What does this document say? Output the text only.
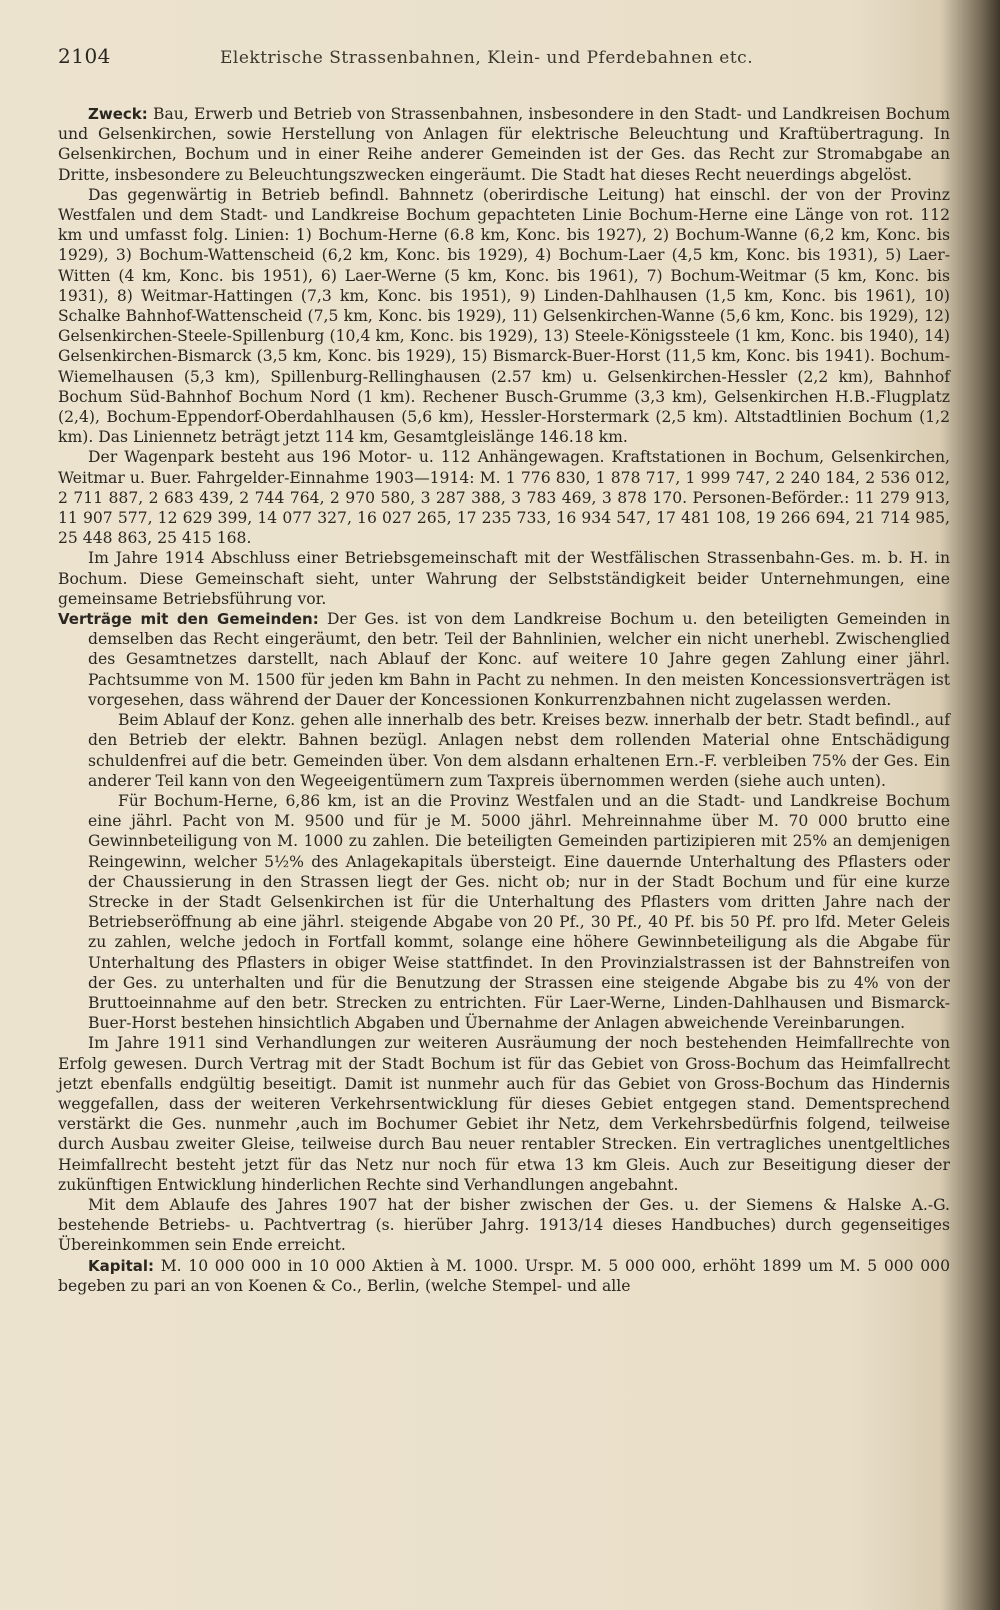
2104	Elektrische Strassenbahnen, Klein- und Pferdebahnen etc.

Zweck: Bau, Erwerb und Betrieb von Strassenbahnen, insbesondere in den Stadt- und Landkreisen Bochum und Gelsenkirchen, sowie Herstellung von Anlagen für elektrische Beleuchtung und Kraftübertragung. In Gelsenkirchen, Bochum und in einer Reihe anderer Gemeinden ist der Ges. das Recht zur Stromabgabe an Dritte, insbesondere zu Beleuchtungszwecken eingeräumt. Die Stadt hat dieses Recht neuerdings abgelöst.

Das gegenwärtig in Betrieb befindl. Bahnnetz (oberirdische Leitung) hat einschl. der von der Provinz Westfalen und dem Stadt- und Landkreise Bochum gepachteten Linie Bochum-Herne eine Länge von rot. 112 km und umfasst folg. Linien: 1) Bochum-Herne (6.8 km, Konc. bis 1927), 2) Bochum-Wanne (6,2 km, Konc. bis 1929), 3) Bochum-Wattenscheid (6,2 km, Konc. bis 1929), 4) Bochum-Laer (4,5 km, Konc. bis 1931), 5) Laer-Witten (4 km, Konc. bis 1951), 6) Laer-Werne (5 km, Konc. bis 1961), 7) Bochum-Weitmar (5 km, Konc. bis 1931), 8) Weitmar-Hattingen (7,3 km, Konc. bis 1951), 9) Linden-Dahlhausen (1,5 km, Konc. bis 1961), 10) Schalke Bahnhof-Wattenscheid (7,5 km, Konc. bis 1929), 11) Gelsenkirchen-Wanne (5,6 km, Konc. bis 1929), 12) Gelsenkirchen-Steele-Spillenburg (10,4 km, Konc. bis 1929), 13) Steele-Königssteele (1 km, Konc. bis 1940), 14) Gelsenkirchen-Bismarck (3,5 km, Konc. bis 1929), 15) Bismarck-Buer-Horst (11,5 km, Konc. bis 1941). Bochum-Wiemelhausen (5,3 km), Spillenburg-Rellinghausen (2.57 km) u. Gelsenkirchen-Hessler (2,2 km), Bahnhof Bochum Süd-Bahnhof Bochum Nord (1 km). Rechener Busch-Grumme (3,3 km), Gelsenkirchen H.B.-Flugplatz (2,4), Bochum-Eppendorf-Oberdahlhausen (5,6 km), Hessler-Horstermark (2,5 km). Altstadtlinien Bochum (1,2 km). Das Liniennetz beträgt jetzt 114 km, Gesamtgleislänge 146.18 km.

Der Wagenpark besteht aus 196 Motor- u. 112 Anhängewagen. Kraftstationen in Bochum, Gelsenkirchen, Weitmar u. Buer. Fahrgelder-Einnahme 1903—1914: M. 1 776 830, 1 878 717, 1 999 747, 2 240 184, 2 536 012, 2 711 887, 2 683 439, 2 744 764, 2 970 580, 3 287 388, 3 783 469, 3 878 170. Personen-Beförder.: 11 279 913, 11 907 577, 12 629 399, 14 077 327, 16 027 265, 17 235 733, 16 934 547, 17 481 108, 19 266 694, 21 714 985, 25 448 863, 25 415 168.

Im Jahre 1914 Abschluss einer Betriebsgemeinschaft mit der Westfälischen Strassenbahn-Ges. m. b. H. in Bochum. Diese Gemeinschaft sieht, unter Wahrung der Selbstständigkeit beider Unternehmungen, eine gemeinsame Betriebsführung vor.

Verträge mit den Gemeinden: Der Ges. ist von dem Landkreise Bochum u. den beteiligten Gemeinden in demselben das Recht eingeräumt, den betr. Teil der Bahnlinien, welcher ein nicht unerhebl. Zwischenglied des Gesamtnetzes darstellt, nach Ablauf der Konc. auf weitere 10 Jahre gegen Zahlung einer jährl. Pachtsumme von M. 1500 für jeden km Bahn in Pacht zu nehmen. In den meisten Koncessionsverträgen ist vorgesehen, dass während der Dauer der Koncessionen Konkurrenzbahnen nicht zugelassen werden.

Beim Ablauf der Konz. gehen alle innerhalb des betr. Kreises bezw. innerhalb der betr. Stadt befindl., auf den Betrieb der elektr. Bahnen bezügl. Anlagen nebst dem rollenden Material ohne Entschädigung schuldenfrei auf die betr. Gemeinden über. Von dem alsdann erhaltenen Ern.-F. verbleiben 75% der Ges. Ein anderer Teil kann von den Wegeeigentümern zum Taxpreis übernommen werden (siehe auch unten).

Für Bochum-Herne, 6,86 km, ist an die Provinz Westfalen und an die Stadt- und Landkreise Bochum eine jährl. Pacht von M. 9500 und für je M. 5000 jährl. Mehreinnahme über M. 70 000 brutto eine Gewinnbeteiligung von M. 1000 zu zahlen. Die beteiligten Gemeinden partizipieren mit 25% an demjenigen Reingewinn, welcher 5½% des Anlagekapitals übersteigt. Eine dauernde Unterhaltung des Pflasters oder der Chaussierung in den Strassen liegt der Ges. nicht ob; nur in der Stadt Bochum und für eine kurze Strecke in der Stadt Gelsenkirchen ist für die Unterhaltung des Pflasters vom dritten Jahre nach der Betriebseröffnung ab eine jährl. steigende Abgabe von 20 Pf., 30 Pf., 40 Pf. bis 50 Pf. pro lfd. Meter Geleis zu zahlen, welche jedoch in Fortfall kommt, solange eine höhere Gewinnbeteiligung als die Abgabe für Unterhaltung des Pflasters in obiger Weise stattfindet. In den Provinzialstrassen ist der Bahnstreifen von der Ges. zu unterhalten und für die Benutzung der Strassen eine steigende Abgabe bis zu 4% von der Bruttoeinnahme auf den betr. Strecken zu entrichten. Für Laer-Werne, Linden-Dahlhausen und Bismarck-Buer-Horst bestehen hinsichtlich Abgaben und Übernahme der Anlagen abweichende Vereinbarungen.

Im Jahre 1911 sind Verhandlungen zur weiteren Ausräumung der noch bestehenden Heimfallrechte von Erfolg gewesen. Durch Vertrag mit der Stadt Bochum ist für das Gebiet von Gross-Bochum das Heimfallrecht jetzt ebenfalls endgültig beseitigt. Damit ist nunmehr auch für das Gebiet von Gross-Bochum das Hindernis weggefallen, dass der weiteren Verkehrsentwicklung für dieses Gebiet entgegen stand. Dementsprechend verstärkt die Ges. nunmehr ,auch im Bochumer Gebiet ihr Netz, dem Verkehrsbedürfnis folgend, teilweise durch Ausbau zweiter Gleise, teilweise durch Bau neuer rentabler Strecken. Ein vertragliches unentgeltliches Heimfallrecht besteht jetzt für das Netz nur noch für etwa 13 km Gleis. Auch zur Beseitigung dieser der zukünftigen Entwicklung hinderlichen Rechte sind Verhandlungen angebahnt.

Mit dem Ablaufe des Jahres 1907 hat der bisher zwischen der Ges. u. der Siemens & Halske A.-G. bestehende Betriebs- u. Pachtvertrag (s. hierüber Jahrg. 1913/14 dieses Handbuches) durch gegenseitiges Übereinkommen sein Ende erreicht.

Kapital: M. 10 000 000 in 10 000 Aktien à M. 1000. Urspr. M. 5 000 000, erhöht 1899 um M. 5 000 000 begeben zu pari an von Koenen & Co., Berlin, (welche Stempel- und alle
